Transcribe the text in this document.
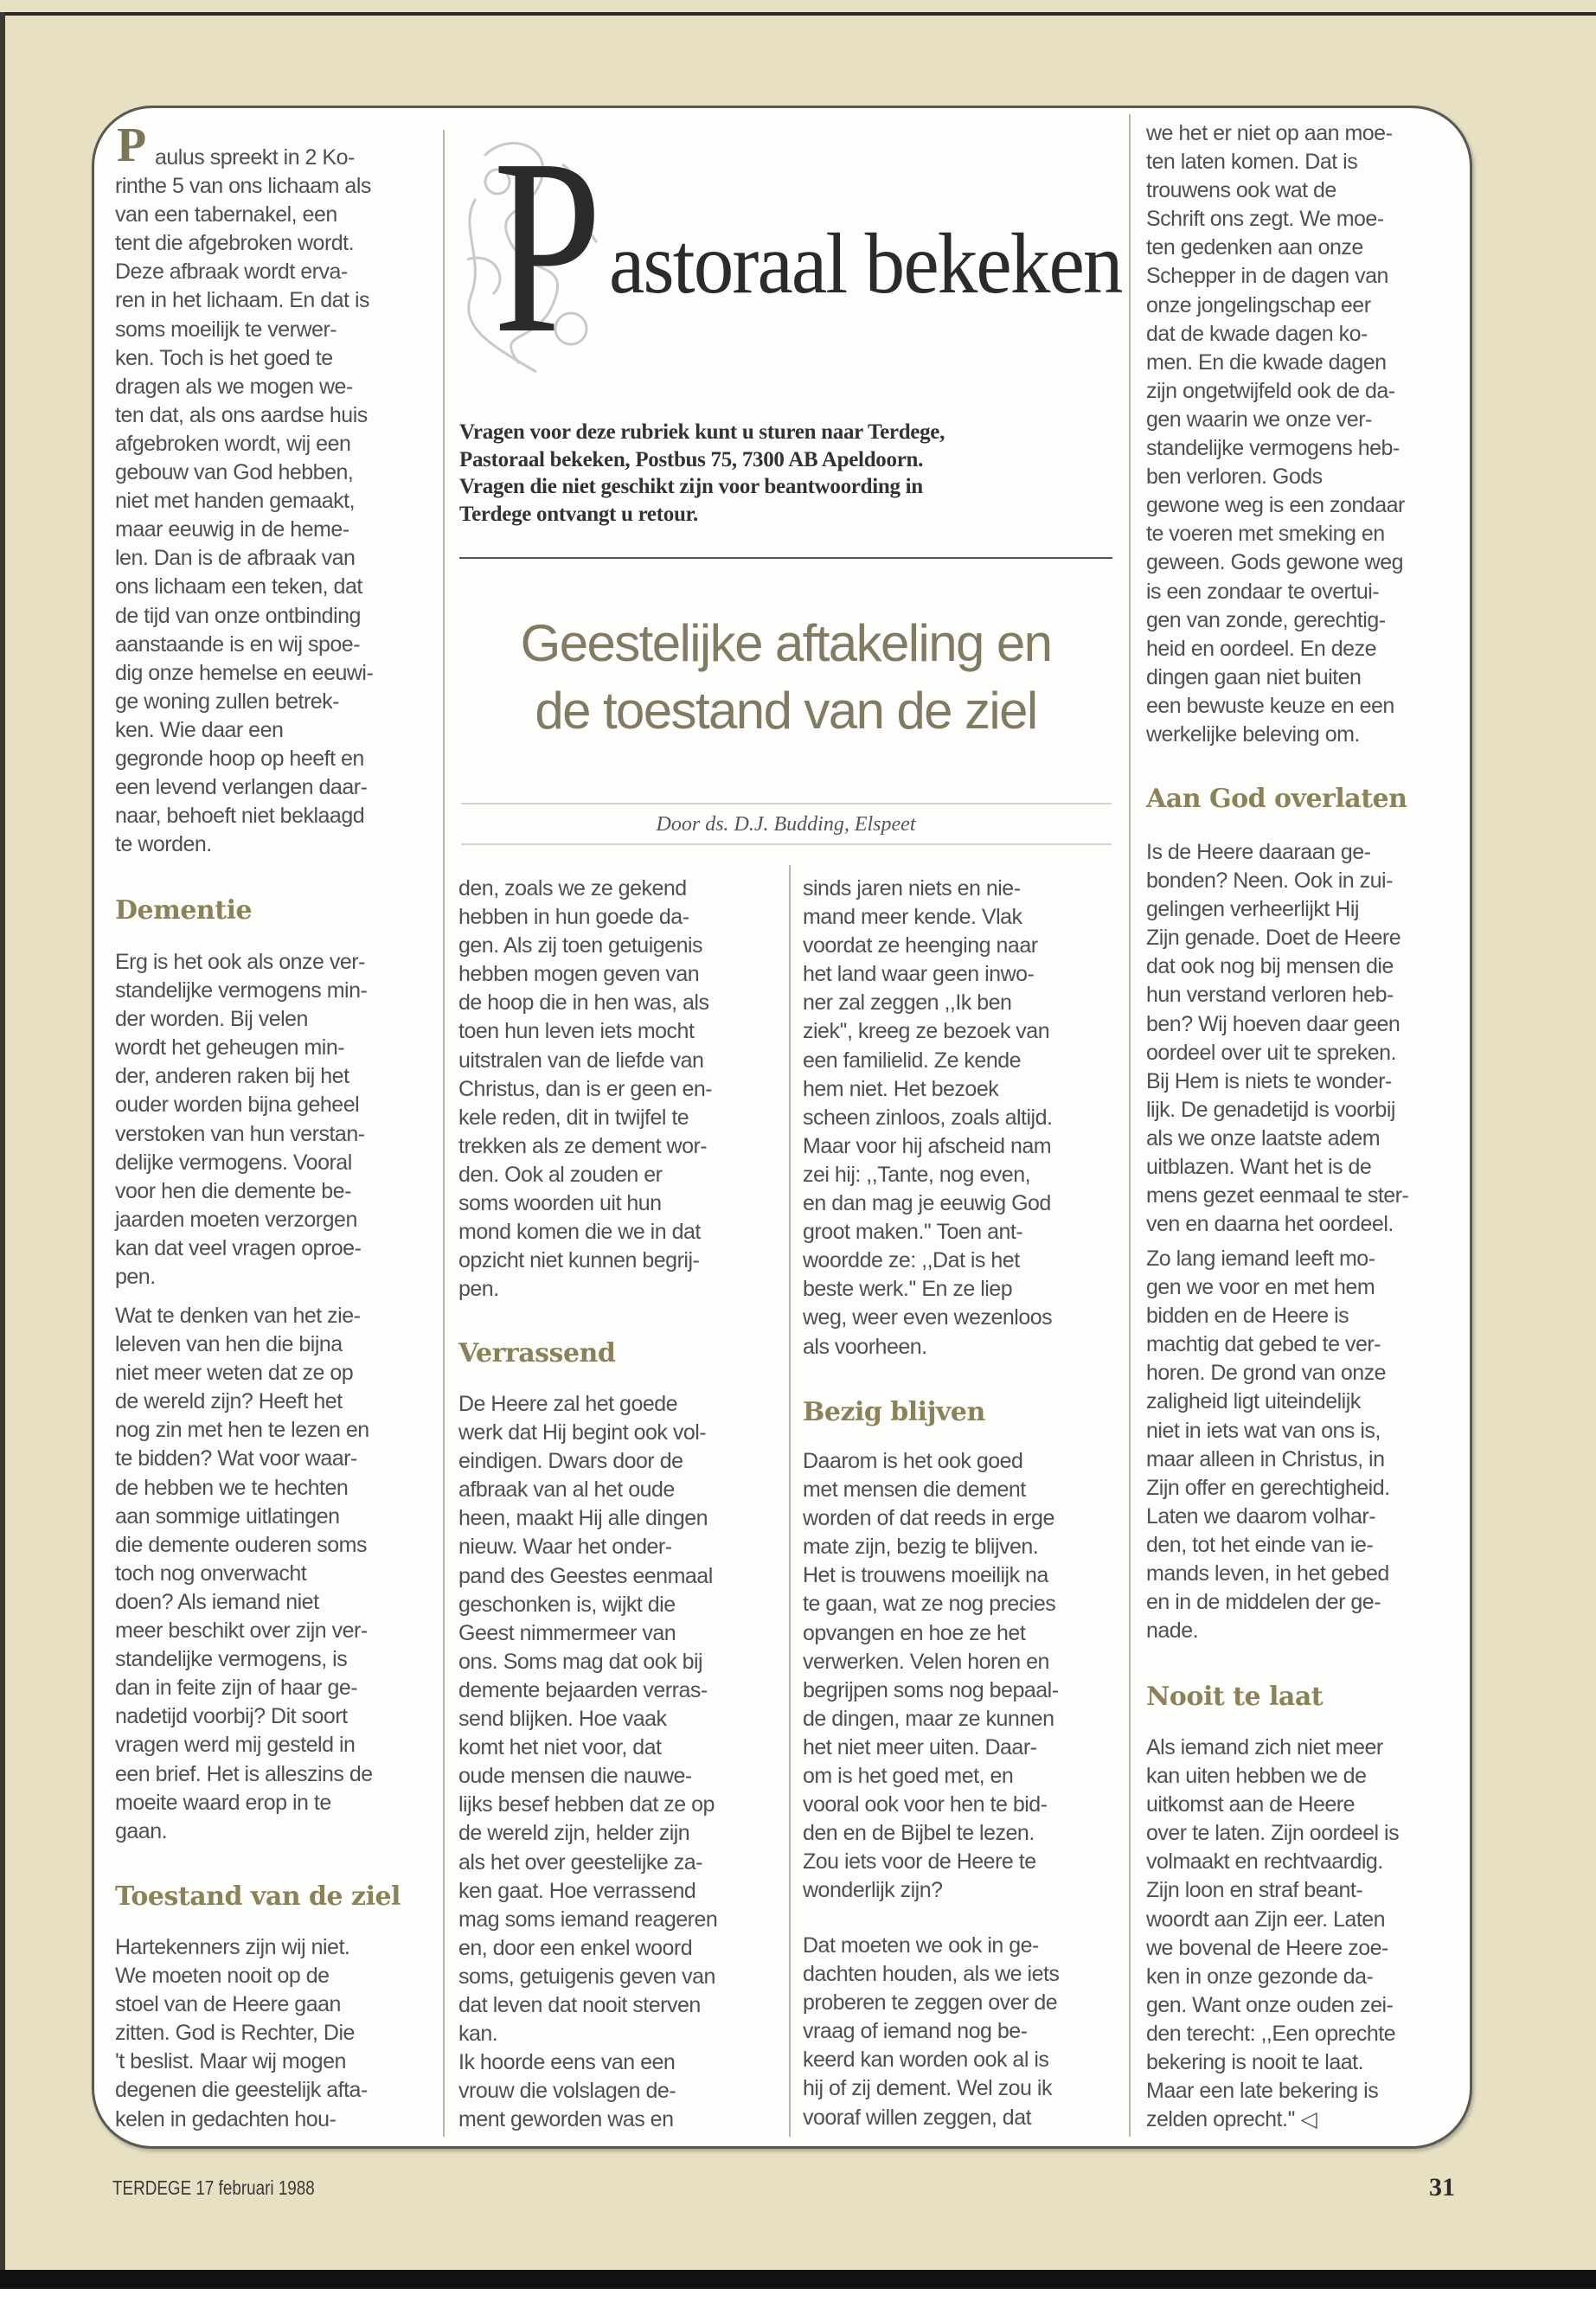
P astoraal bekeken
Vragen voor deze rubriek kunt u sturen naar Terdege,
Pastoraal bekeken, Postbus 75, 7300 AB Apeldoorn.
Vragen die niet geschikt zijn voor beantwoording in
Terdege ontvangt u retour.
Geestelijke aftakeling en
de toestand van de ziel
Door ds. D.J. Budding, Elspeet
P aulus spreekt in 2 Ko-
rinthe 5 van ons lichaam als
van een tabernakel, een
tent die afgebroken wordt.
Deze afbraak wordt erva-
ren in het lichaam. En dat is
soms moeilijk te verwer-
ken. Toch is het goed te
dragen als we mogen we-
ten dat, als ons aardse huis
afgebroken wordt, wij een
gebouw van God hebben,
niet met handen gemaakt,
maar eeuwig in de heme-
len. Dan is de afbraak van
ons lichaam een teken, dat
de tijd van onze ontbinding
aanstaande is en wij spoe-
dig onze hemelse en eeuwi-
ge woning zullen betrek-
ken. Wie daar een
gegronde hoop op heeft en
een levend verlangen daar-
naar, behoeft niet beklaagd
te worden.
Dementie
Erg is het ook als onze ver-
standelijke vermogens min-
der worden. Bij velen
wordt het geheugen min-
der, anderen raken bij het
ouder worden bijna geheel
verstoken van hun verstan-
delijke vermogens. Vooral
voor hen die demente be-
jaarden moeten verzorgen
kan dat veel vragen oproe-
pen.
Wat te denken van het zie-
leleven van hen die bijna
niet meer weten dat ze op
de wereld zijn? Heeft het
nog zin met hen te lezen en
te bidden? Wat voor waar-
de hebben we te hechten
aan sommige uitlatingen
die demente ouderen soms
toch nog onverwacht
doen? Als iemand niet
meer beschikt over zijn ver-
standelijke vermogens, is
dan in feite zijn of haar ge-
nadetijd voorbij? Dit soort
vragen werd mij gesteld in
een brief. Het is alleszins de
moeite waard erop in te
gaan.
Toestand van de ziel
Hartekenners zijn wij niet.
We moeten nooit op de
stoel van de Heere gaan
zitten. God is Rechter, Die
't beslist. Maar wij mogen
degenen die geestelijk afta-
kelen in gedachten hou-
den, zoals we ze gekend
hebben in hun goede da-
gen. Als zij toen getuigenis
hebben mogen geven van
de hoop die in hen was, als
toen hun leven iets mocht
uitstralen van de liefde van
Christus, dan is er geen en-
kele reden, dit in twijfel te
trekken als ze dement wor-
den. Ook al zouden er
soms woorden uit hun
mond komen die we in dat
opzicht niet kunnen begrij-
pen.
Verrassend
De Heere zal het goede
werk dat Hij begint ook vol-
eindigen. Dwars door de
afbraak van al het oude
heen, maakt Hij alle dingen
nieuw. Waar het onder-
pand des Geestes eenmaal
geschonken is, wijkt die
Geest nimmermeer van
ons. Soms mag dat ook bij
demente bejaarden verras-
send blijken. Hoe vaak
komt het niet voor, dat
oude mensen die nauwe-
lijks besef hebben dat ze op
de wereld zijn, helder zijn
als het over geestelijke za-
ken gaat. Hoe verrassend
mag soms iemand reageren
en, door een enkel woord
soms, getuigenis geven van
dat leven dat nooit sterven
kan.
Ik hoorde eens van een
vrouw die volslagen de-
ment geworden was en
sinds jaren niets en nie-
mand meer kende. Vlak
voordat ze heenging naar
het land waar geen inwo-
ner zal zeggen ,,Ik ben
ziek'', kreeg ze bezoek van
een familielid. Ze kende
hem niet. Het bezoek
scheen zinloos, zoals altijd.
Maar voor hij afscheid nam
zei hij: ,,Tante, nog even,
en dan mag je eeuwig God
groot maken.'' Toen ant-
woordde ze: ,,Dat is het
beste werk.'' En ze liep
weg, weer even wezenloos
als voorheen.
Bezig blijven
Daarom is het ook goed
met mensen die dement
worden of dat reeds in erge
mate zijn, bezig te blijven.
Het is trouwens moeilijk na
te gaan, wat ze nog precies
opvangen en hoe ze het
verwerken. Velen horen en
begrijpen soms nog bepaal-
de dingen, maar ze kunnen
het niet meer uiten. Daar-
om is het goed met, en
vooral ook voor hen te bid-
den en de Bijbel te lezen.
Zou iets voor de Heere te
wonderlijk zijn?
Dat moeten we ook in ge-
dachten houden, als we iets
proberen te zeggen over de
vraag of iemand nog be-
keerd kan worden ook al is
hij of zij dement. Wel zou ik
vooraf willen zeggen, dat
we het er niet op aan moe-
ten laten komen. Dat is
trouwens ook wat de
Schrift ons zegt. We moe-
ten gedenken aan onze
Schepper in de dagen van
onze jongelingschap eer
dat de kwade dagen ko-
men. En die kwade dagen
zijn ongetwijfeld ook de da-
gen waarin we onze ver-
standelijke vermogens heb-
ben verloren. Gods
gewone weg is een zondaar
te voeren met smeking en
geween. Gods gewone weg
is een zondaar te overtui-
gen van zonde, gerechtig-
heid en oordeel. En deze
dingen gaan niet buiten
een bewuste keuze en een
werkelijke beleving om.
Aan God overlaten
Is de Heere daaraan ge-
bonden? Neen. Ook in zui-
gelingen verheerlijkt Hij
Zijn genade. Doet de Heere
dat ook nog bij mensen die
hun verstand verloren heb-
ben? Wij hoeven daar geen
oordeel over uit te spreken.
Bij Hem is niets te wonder-
lijk. De genadetijd is voorbij
als we onze laatste adem
uitblazen. Want het is de
mens gezet eenmaal te ster-
ven en daarna het oordeel.
Zo lang iemand leeft mo-
gen we voor en met hem
bidden en de Heere is
machtig dat gebed te ver-
horen. De grond van onze
zaligheid ligt uiteindelijk
niet in iets wat van ons is,
maar alleen in Christus, in
Zijn offer en gerechtigheid.
Laten we daarom volhar-
den, tot het einde van ie-
mands leven, in het gebed
en in de middelen der ge-
nade.
Nooit te laat
Als iemand zich niet meer
kan uiten hebben we de
uitkomst aan de Heere
over te laten. Zijn oordeel is
volmaakt en rechtvaardig.
Zijn loon en straf beant-
woordt aan Zijn eer. Laten
we bovenal de Heere zoe-
ken in onze gezonde da-
gen. Want onze ouden zei-
den terecht: ,,Een oprechte
bekering is nooit te laat.
Maar een late bekering is
zelden oprecht.'' ◁
TERDEGE 17 februari 1988	31
